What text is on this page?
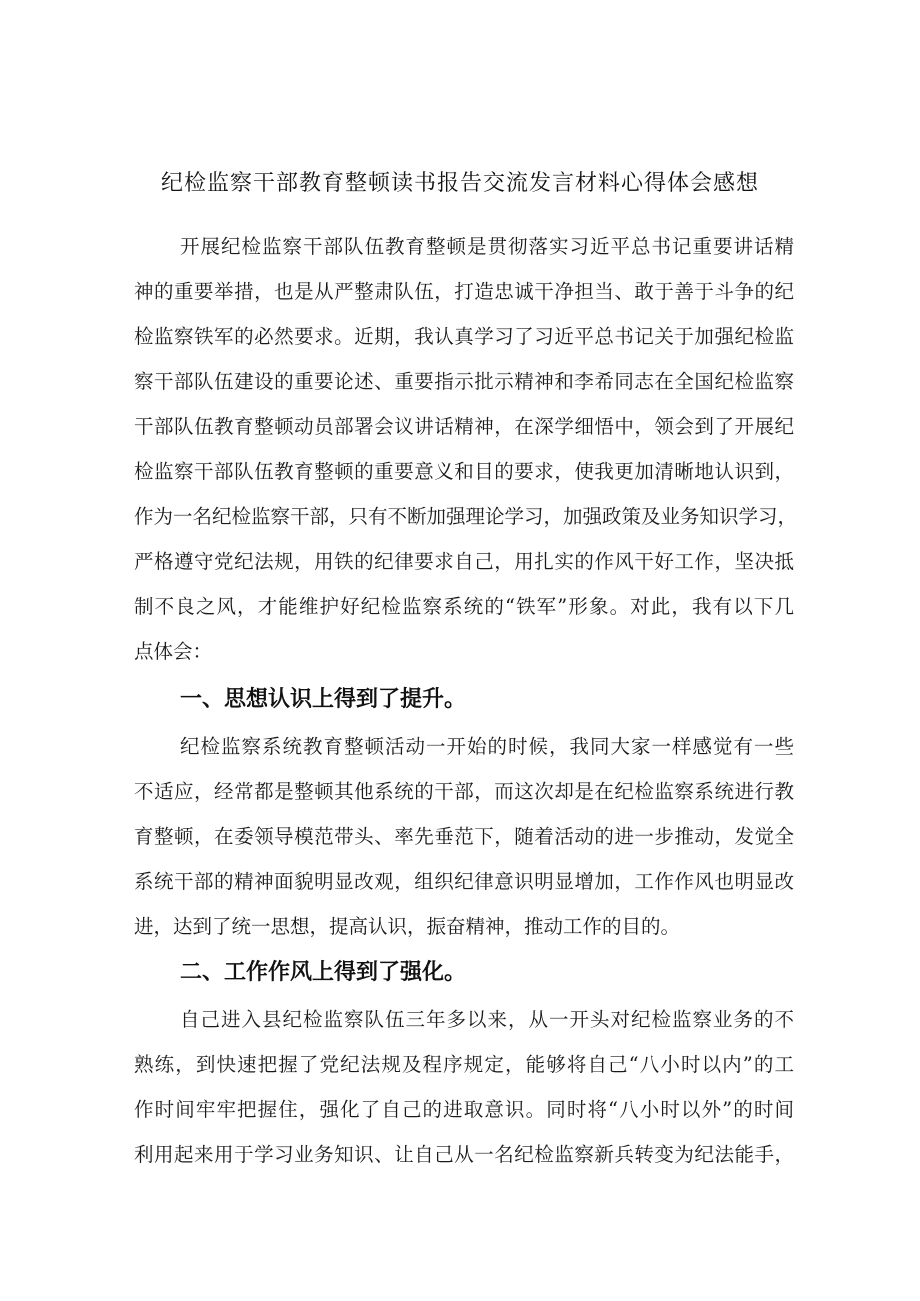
纪检监察干部教育整顿读书报告交流发言材料心得体会感想

开展纪检监察干部队伍教育整顿是贯彻落实习近平总书记重要讲话精

神的重要举措，也是从严整肃队伍，打造忠诚干净担当、敢于善于斗争的纪

检监察铁军的必然要求。近期，我认真学习了习近平总书记关于加强纪检监

察干部队伍建设的重要论述、重要指示批示精神和李希同志在全国纪检监察

干部队伍教育整顿动员部署会议讲话精神，在深学细悟中，领会到了开展纪

检监察干部队伍教育整顿的重要意义和目的要求，使我更加清晰地认识到，

作为一名纪检监察干部，只有不断加强理论学习，加强政策及业务知识学习，

严格遵守党纪法规，用铁的纪律要求自己，用扎实的作风干好工作，坚决抵

制不良之风，才能维护好纪检监察系统的“铁军”形象。对此，我有以下几

点体会：

一、思想认识上得到了提升。

纪检监察系统教育整顿活动一开始的时候，我同大家一样感觉有一些

不适应，经常都是整顿其他系统的干部，而这次却是在纪检监察系统进行教

育整顿，在委领导模范带头、率先垂范下，随着活动的进一步推动，发觉全

系统干部的精神面貌明显改观，组织纪律意识明显增加，工作作风也明显改

进，达到了统一思想，提高认识，振奋精神，推动工作的目的。

二、工作作风上得到了强化。

自己进入县纪检监察队伍三年多以来，从一开头对纪检监察业务的不

熟练，到快速把握了党纪法规及程序规定，能够将自己“八小时以内”的工

作时间牢牢把握住，强化了自己的进取意识。同时将“八小时以外”的时间

利用起来用于学习业务知识、让自己从一名纪检监察新兵转变为纪法能手，
